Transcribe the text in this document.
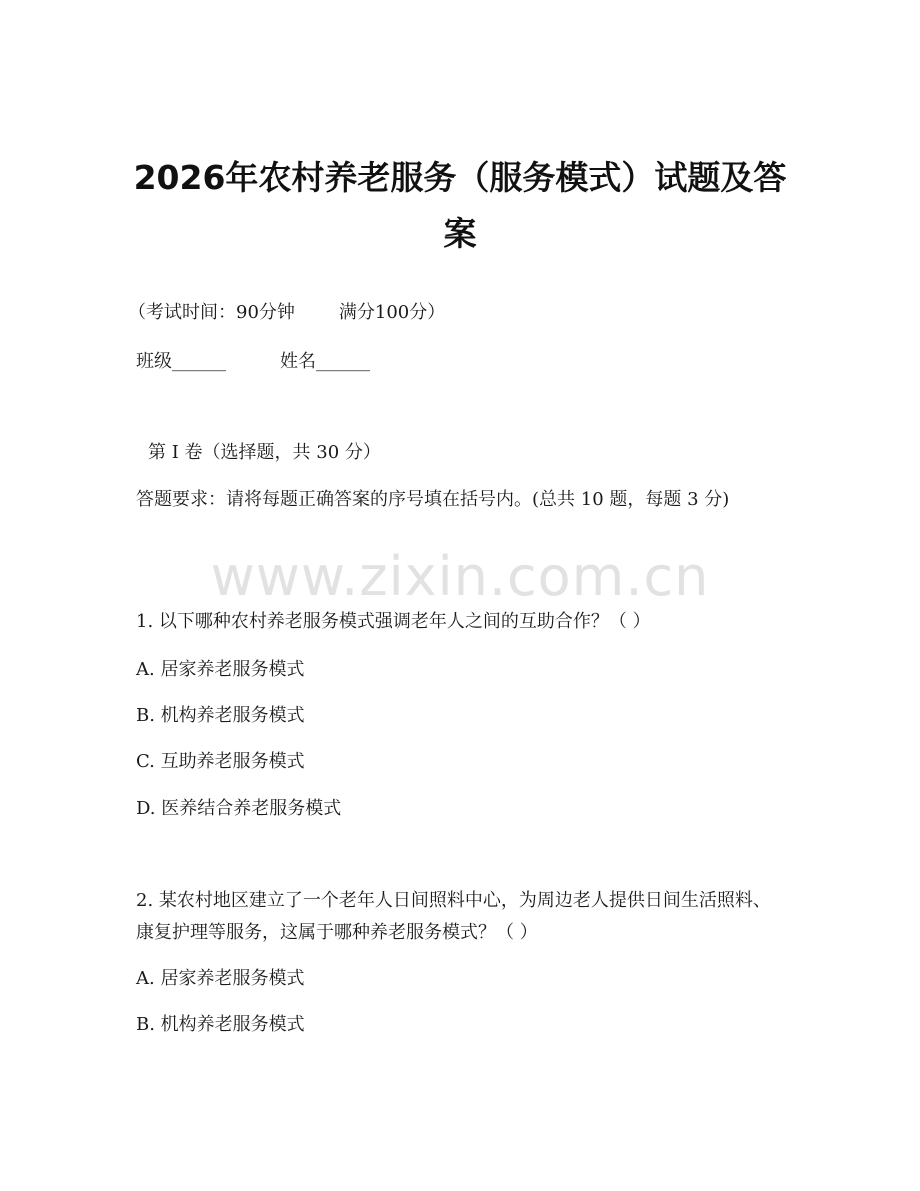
www.zixin.com.cn
2026年农村养老服务（服务模式）试题及答案
（考试时间：90分钟 满分100分）
班级______	姓名______
第 I 卷（选择题，共 30 分）
答题要求：请将每题正确答案的序号填在括号内。(总共 10 题，每题 3 分)
1. 以下哪种农村养老服务模式强调老年人之间的互助合作？（ ）
A. 居家养老服务模式
B. 机构养老服务模式
C. 互助养老服务模式
D. 医养结合养老服务模式
2. 某农村地区建立了一个老年人日间照料中心，为周边老人提供日间生活照料、康复护理等服务，这属于哪种养老服务模式？（ ）
A. 居家养老服务模式
B. 机构养老服务模式
